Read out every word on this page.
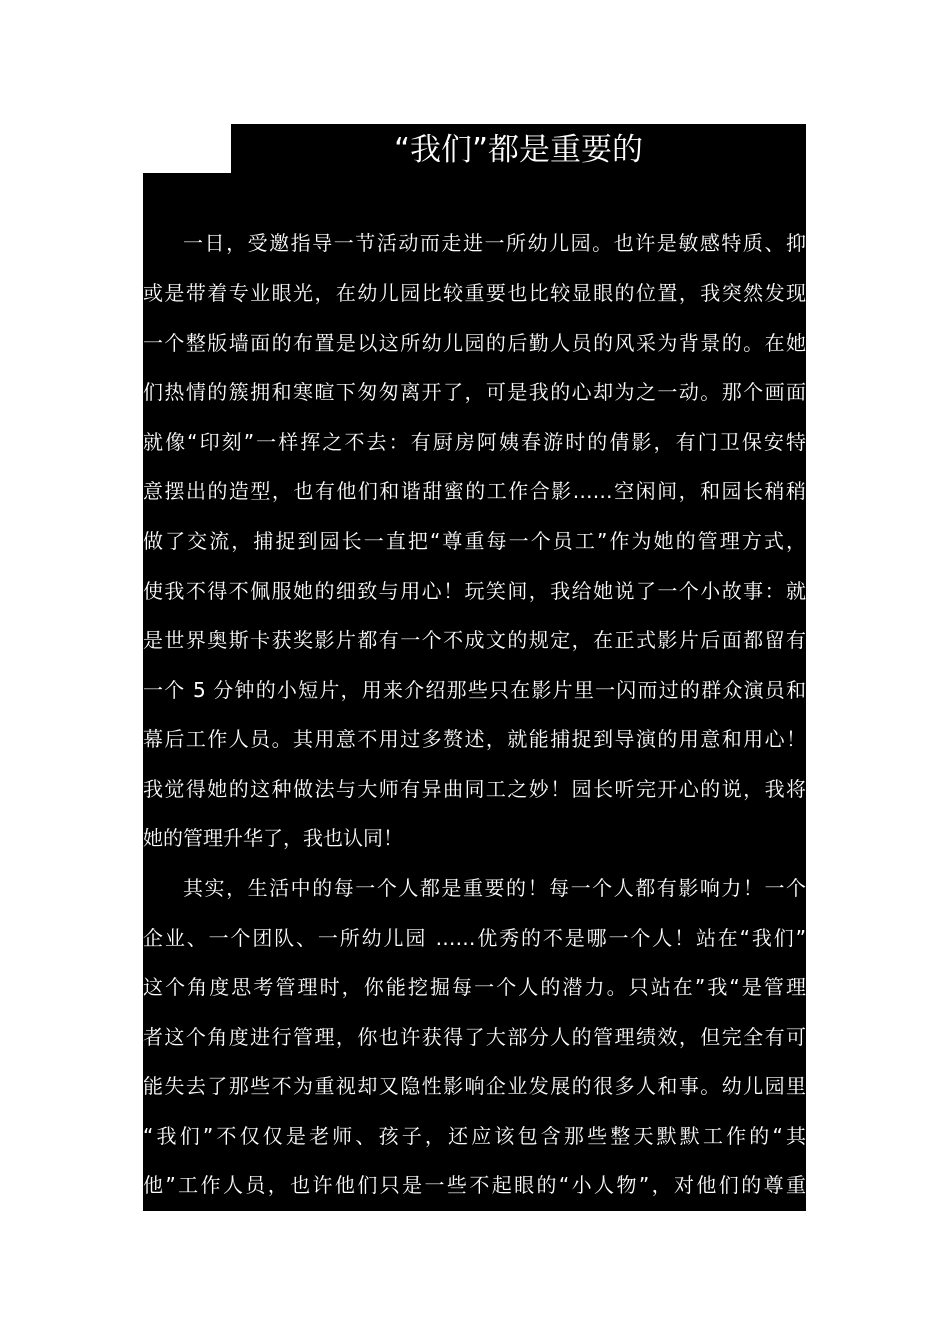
“我们”都是重要的
一日，受邀指导一节活动而走进一所幼儿园。也许是敏感特质、抑
或是带着专业眼光，在幼儿园比较重要也比较显眼的位置，我突然发现
一个整版墙面的布置是以这所幼儿园的后勤人员的风采为背景的。在她
们热情的簇拥和寒暄下匆匆离开了，可是我的心却为之一动。那个画面
就像“印刻”一样挥之不去：有厨房阿姨春游时的倩影，有门卫保安特
意摆出的造型，也有他们和谐甜蜜的工作合影……空闲间，和园长稍稍
做了交流，捕捉到园长一直把“尊重每一个员工”作为她的管理方式，
使我不得不佩服她的细致与用心！玩笑间，我给她说了一个小故事：就
是世界奥斯卡获奖影片都有一个不成文的规定，在正式影片后面都留有
一个 5 分钟的小短片，用来介绍那些只在影片里一闪而过的群众演员和
幕后工作人员。其用意不用过多赘述，就能捕捉到导演的用意和用心！
我觉得她的这种做法与大师有异曲同工之妙！园长听完开心的说，我将
她的管理升华了，我也认同！
其实，生活中的每一个人都是重要的！每一个人都有影响力！一个
企业、一个团队、一所幼儿园 ……优秀的不是哪一个人！站在“我们”
这个角度思考管理时，你能挖掘每一个人的潜力。只站在”我“是管理
者这个角度进行管理，你也许获得了大部分人的管理绩效，但完全有可
能失去了那些不为重视却又隐性影响企业发展的很多人和事。幼儿园里
“我们”不仅仅是老师、孩子，还应该包含那些整天默默工作的“其
他”工作人员，也许他们只是一些不起眼的“小人物”，对他们的尊重
